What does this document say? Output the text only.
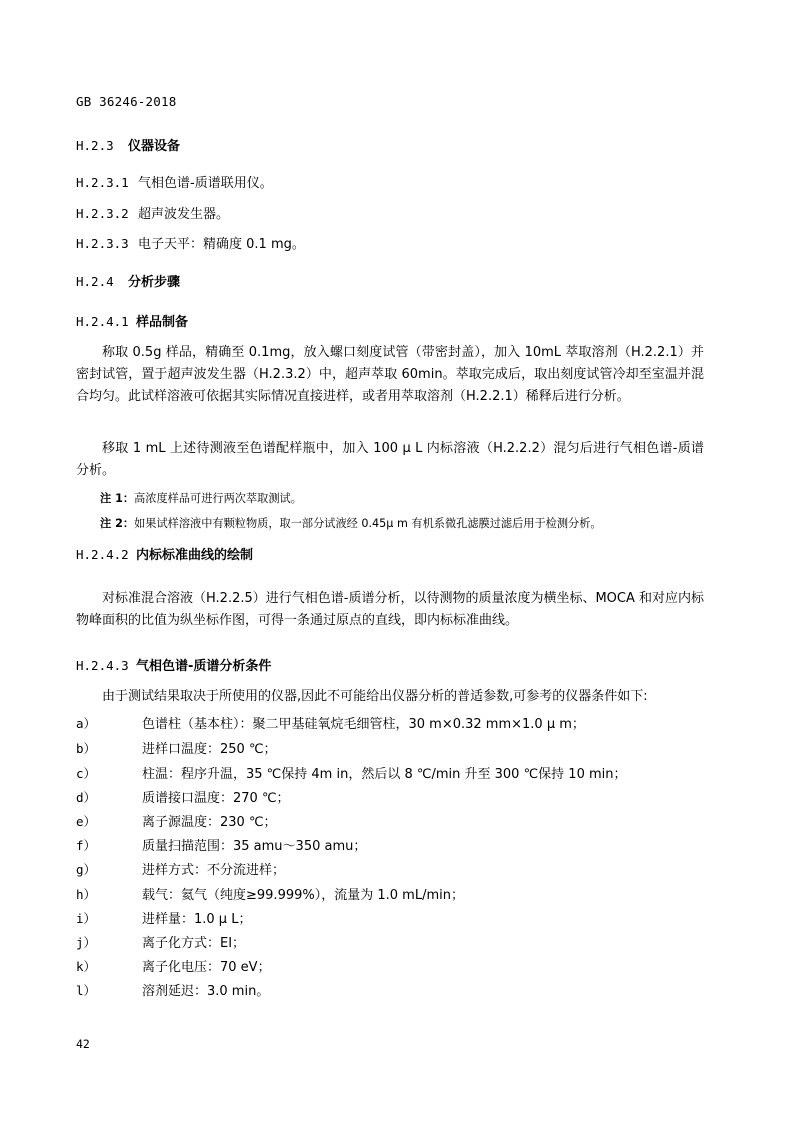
GB 36246-2018
H.2.3 仪器设备
H.2.3.1 气相色谱-质谱联用仪。
H.2.3.2 超声波发生器。
H.2.3.3 电子天平：精确度 0.1 mg。
H.2.4 分析步骤
H.2.4.1 样品制备
称取 0.5g 样品，精确至 0.1mg，放入螺口刻度试管（带密封盖），加入 10mL 萃取溶剂（H.2.2.1）并密封试管，置于超声波发生器（H.2.3.2）中，超声萃取 60min。萃取完成后，取出刻度试管冷却至室温并混合均匀。此试样溶液可依据其实际情况直接进样，或者用萃取溶剂（H.2.2.1）稀释后进行分析。
移取 1 mL 上述待测液至色谱配样瓶中，加入 100 μ L 内标溶液（H.2.2.2）混匀后进行气相色谱-质谱分析。
注 1：高浓度样品可进行两次萃取测试。
注 2：如果试样溶液中有颗粒物质，取一部分试液经 0.45μ m 有机系微孔滤膜过滤后用于检测分析。
H.2.4.2 内标标准曲线的绘制
对标准混合溶液（H.2.2.5）进行气相色谱-质谱分析，以待测物的质量浓度为横坐标、MOCA 和对应内标物峰面积的比值为纵坐标作图，可得一条通过原点的直线，即内标标准曲线。
H.2.4.3 气相色谱-质谱分析条件
由于测试结果取决于所使用的仪器,因此不可能给出仪器分析的普适参数,可参考的仪器条件如下:
a）	色谱柱（基本柱）：聚二甲基硅氧烷毛细管柱，30 m×0.32 mm×1.0 μ m；
b）	进样口温度：250 ℃；
c）	柱温：程序升温，35 ℃保持 4m in，然后以 8 ℃/min 升至 300 ℃保持 10 min；
d）	质谱接口温度：270 ℃；
e）	离子源温度：230 ℃；
f）	质量扫描范围：35 amu～350 amu；
g）	进样方式：不分流进样；
h）	载气：氦气（纯度≥99.999%），流量为 1.0 mL/min；
i）	进样量：1.0 μ L；
j）	离子化方式：EI；
k）	离子化电压：70 eV；
l）	溶剂延迟：3.0 min。
42
